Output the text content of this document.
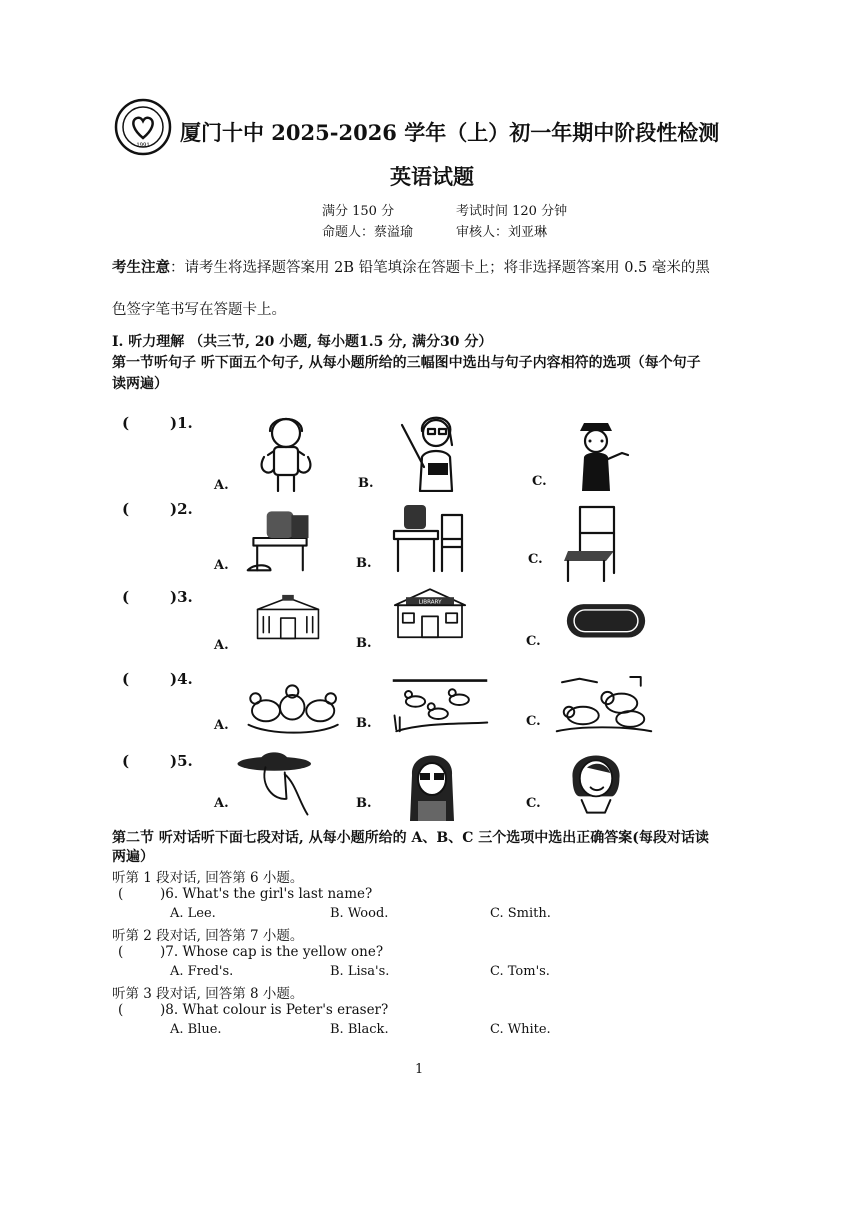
1991
厦门十中 2025-2026 学年（上）初一年期中阶段性检测
英语试题
满分 150 分	考试时间 120 分钟
命题人：蔡溢瑜	审核人：刘亚琳
考生注意：请考生将选择题答案用 2B 铅笔填涂在答题卡上；将非选择题答案用 0.5 毫米的黑
色签字笔书写在答题卡上。
I. 听力理解 （共三节, 20 小题, 每小题1.5 分, 满分30 分）
第一节听句子 听下面五个句子, 从每小题所给的三幅图中选出与句子内容相符的选项（每个句子
读两遍）
(	)1.
A.	B.	C.
(	)2.
A.	B.	C.
(	)3.
A.
LIBRARY
B.	C.
(	)4.
A.	B.	C.
(	)5.
A.	B.	C.
第二节 听对话听下面七段对话, 从每小题所给的 A、B、C 三个选项中选出正确答案(每段对话读
两遍）
听第 1 段对话, 回答第 6 小题。
(	)6. What's the girl's last name?
A. Lee.	B. Wood.	C. Smith.
听第 2 段对话, 回答第 7 小题。
(	)7. Whose cap is the yellow one?
A. Fred's.	B. Lisa's.	C. Tom's.
听第 3 段对话, 回答第 8 小题。
(	)8. What colour is Peter's eraser?
A. Blue.	B. Black.	C. White.
1
